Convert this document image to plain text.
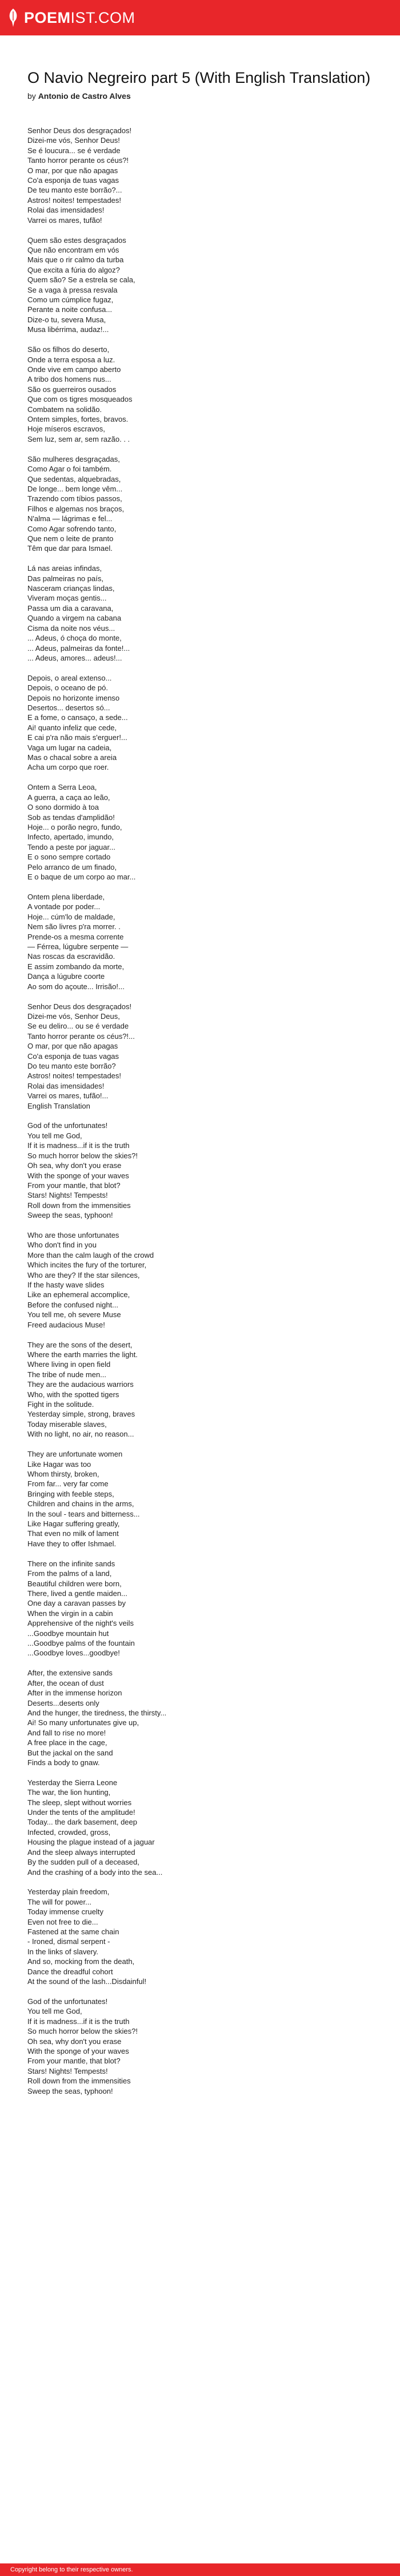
POEM IST.COM
O Navio Negreiro part 5 (With English Translation)
by Antonio de Castro Alves
Senhor Deus dos desgraçados!
Dizei-me vós, Senhor Deus!
Se é loucura... se é verdade
Tanto horror perante os céus?!
O mar, por que não apagas
Co'a esponja de tuas vagas
De teu manto este borrão?...
Astros! noites! tempestades!
Rolai das imensidades!
Varrei os mares, tufão!
Quem são estes desgraçados
Que não encontram em vós
Mais que o rir calmo da turba
Que excita a fúria do algoz?
Quem são? Se a estrela se cala,
Se a vaga à pressa resvala
Como um cúmplice fugaz,
Perante a noite confusa...
Dize-o tu, severa Musa,
Musa libérrima, audaz!...
São os filhos do deserto,
Onde a terra esposa a luz.
Onde vive em campo aberto
A tribo dos homens nus...
São os guerreiros ousados
Que com os tigres mosqueados
Combatem na solidão.
Ontem simples, fortes, bravos.
Hoje míseros escravos,
Sem luz, sem ar, sem razão. . .
São mulheres desgraçadas,
Como Agar o foi também.
Que sedentas, alquebradas,
De longe... bem longe vêm...
Trazendo com tíbios passos,
Filhos e algemas nos braços,
N'alma — lágrimas e fel...
Como Agar sofrendo tanto,
Que nem o leite de pranto
Têm que dar para Ismael.
Lá nas areias infindas,
Das palmeiras no país,
Nasceram crianças lindas,
Viveram moças gentis...
Passa um dia a caravana,
Quando a virgem na cabana
Cisma da noite nos véus...
... Adeus, ó choça do monte,
... Adeus, palmeiras da fonte!...
... Adeus, amores... adeus!...
Depois, o areal extenso...
Depois, o oceano de pó.
Depois no horizonte imenso
Desertos... desertos só...
E a fome, o cansaço, a sede...
Ai! quanto infeliz que cede,
E cai p'ra não mais s'erguer!...
Vaga um lugar na cadeia,
Mas o chacal sobre a areia
Acha um corpo que roer.
Ontem a Serra Leoa,
A guerra, a caça ao leão,
O sono dormido à toa
Sob as tendas d'amplidão!
Hoje... o porão negro, fundo,
Infecto, apertado, imundo,
Tendo a peste por jaguar...
E o sono sempre cortado
Pelo arranco de um finado,
E o baque de um corpo ao mar...
Ontem plena liberdade,
A vontade por poder...
Hoje... cúm'lo de maldade,
Nem são livres p'ra morrer. .
Prende-os a mesma corrente
— Férrea, lúgubre serpente —
Nas roscas da escravidão.
E assim zombando da morte,
Dança a lúgubre coorte
Ao som do açoute... Irrisão!...
Senhor Deus dos desgraçados!
Dizei-me vós, Senhor Deus,
Se eu deliro... ou se é verdade
Tanto horror perante os céus?!...
O mar, por que não apagas
Co'a esponja de tuas vagas
Do teu manto este borrão?
Astros! noites! tempestades!
Rolai das imensidades!
Varrei os mares, tufão!...
English Translation
God of the unfortunates!
You tell me God,
If it is madness...if it is the truth
So much horror below the skies?!
Oh sea, why don't you erase
With the sponge of your waves
From your mantle, that blot?
Stars! Nights! Tempests!
Roll down from the immensities
Sweep the seas, typhoon!
Who are those unfortunates
Who don't find in you
More than the calm laugh of the crowd
Which incites the fury of the torturer,
Who are they? If the star silences,
If the hasty wave slides
Like an ephemeral accomplice,
Before the confused night...
You tell me, oh severe Muse
Freed audacious Muse!
They are the sons of the desert,
Where the earth marries the light.
Where living in open field
The tribe of nude men...
They are the audacious warriors
Who, with the spotted tigers
Fight in the solitude.
Yesterday simple, strong, braves
Today miserable slaves,
With no light, no air, no reason...
They are unfortunate women
Like Hagar was too
Whom thirsty, broken,
From far... very far come
Bringing with feeble steps,
Children and chains in the arms,
In the soul - tears and bitterness...
Like Hagar suffering greatly,
That even no milk of lament
Have they to offer Ishmael.
There on the infinite sands
From the palms of a land,
Beautiful children were born,
There, lived a gentle maiden...
One day a caravan passes by
When the virgin in a cabin
Apprehensive of the night's veils
...Goodbye mountain hut
...Goodbye palms of the fountain
...Goodbye loves...goodbye!
After, the extensive sands
After, the ocean of dust
After in the immense horizon
Deserts...deserts only
And the hunger, the tiredness, the thirsty...
Ai! So many unfortunates give up,
And fall to rise no more!
A free place in the cage,
But the jackal on the sand
Finds a body to gnaw.
Yesterday the Sierra Leone
The war, the lion hunting,
The sleep, slept without worries
Under the tents of the amplitude!
Today... the dark basement, deep
Infected, crowded, gross,
Housing the plague instead of a jaguar
And the sleep always interrupted
By the sudden pull of a deceased,
And the crashing of a body into the sea...
Yesterday plain freedom,
The will for power...
Today immense cruelty
Even not free to die...
Fastened at the same chain
- Ironed, dismal serpent -
In the links of slavery.
And so, mocking from the death,
Dance the dreadful cohort
At the sound of the lash...Disdainful!
God of the unfortunates!
You tell me God,
If it is madness...if it is the truth
So much horror below the skies?!
Oh sea, why don't you erase
With the sponge of your waves
From your mantle, that blot?
Stars! Nights! Tempests!
Roll down from the immensities
Sweep the seas, typhoon!
Copyright belong to their respective owners.
